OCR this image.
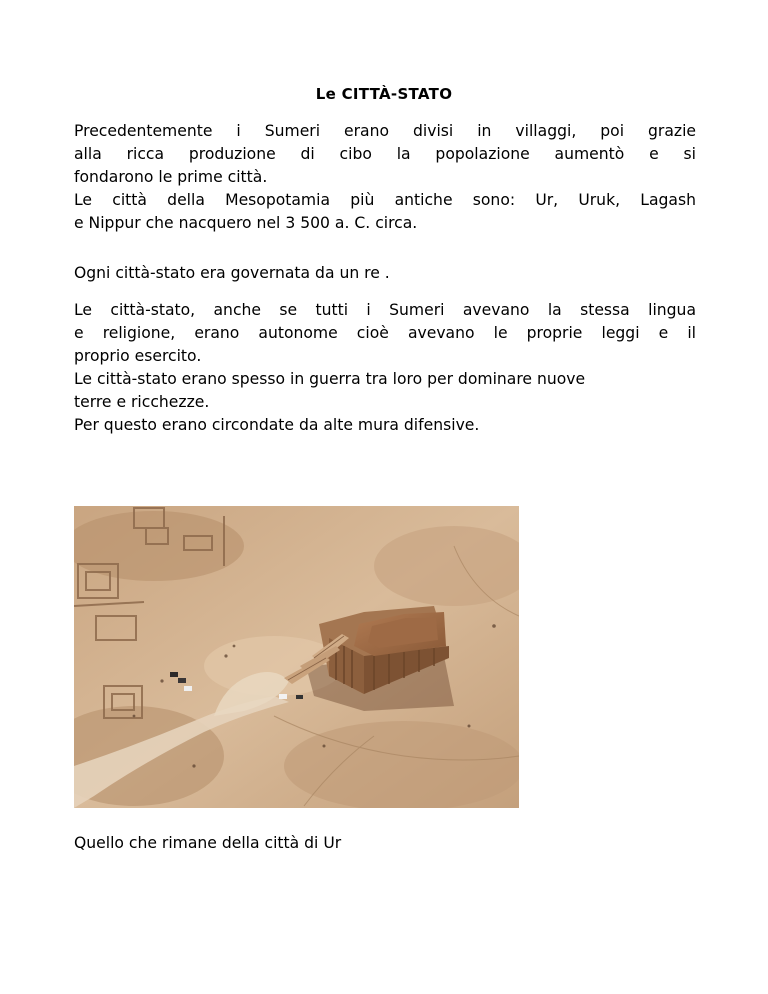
Le CITTÀ-STATO
Precedentemente i Sumeri erano divisi in villaggi, poi grazie
alla ricca produzione di cibo la popolazione aumentò e si
fondarono le prime città.
Le città della Mesopotamia più antiche sono: Ur, Uruk, Lagash
e Nippur che nacquero nel 3 500 a. C. circa.
Ogni città-stato era governata da un re .
Le città-stato, anche se tutti i Sumeri avevano la stessa lingua
e religione, erano autonome cioè avevano le proprie leggi e il
proprio esercito.
Le città-stato erano spesso in guerra tra loro per dominare nuove
terre e ricchezze.
Per questo erano circondate da alte mura difensive.
Quello che rimane della città di Ur
